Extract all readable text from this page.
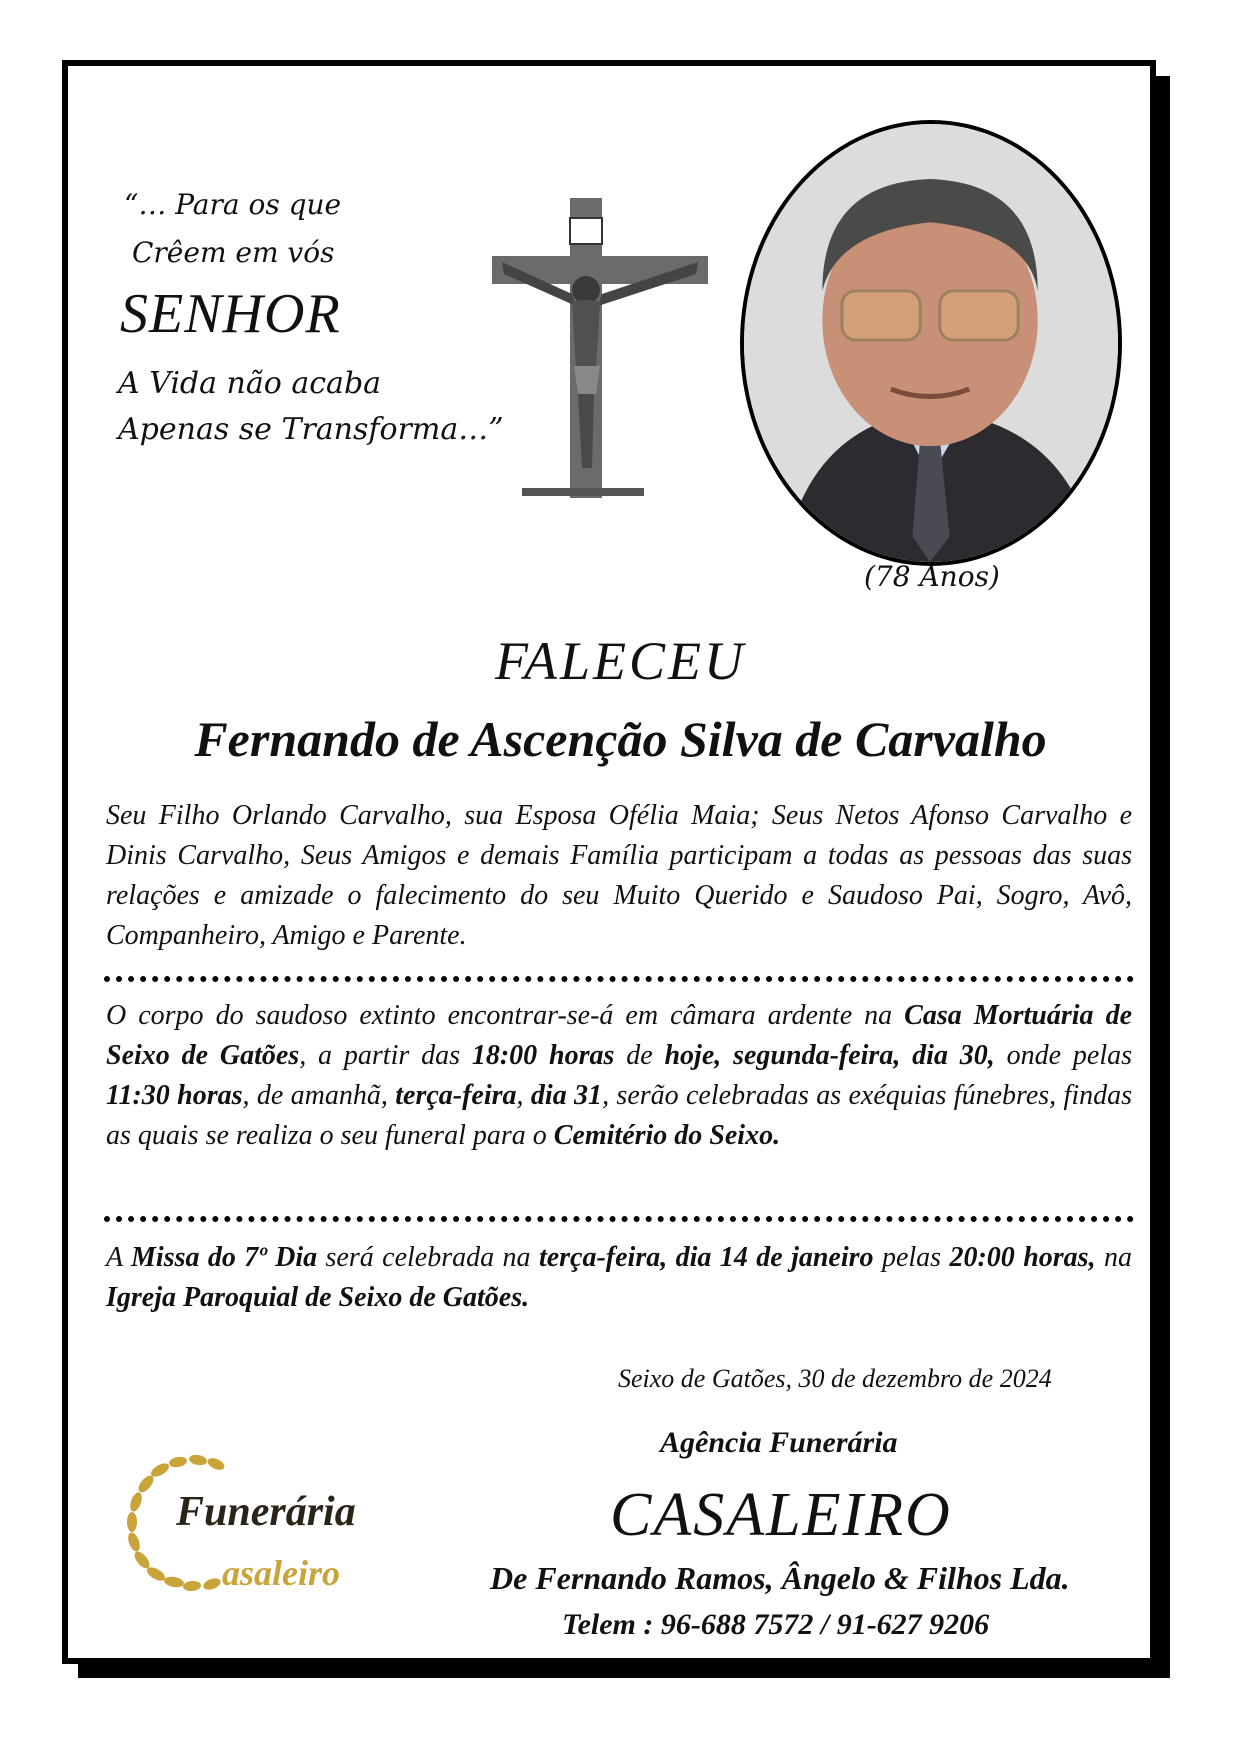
“… Para os que
Crêem em vós
SENHOR
A Vida não acaba
Apenas se Transforma…”
(78 Anos)
FALECEU
Fernando de Ascenção Silva de Carvalho
Seu Filho Orlando Carvalho, sua Esposa Ofélia Maia; Seus Netos Afonso Carvalho e Dinis Carvalho, Seus Amigos e demais Família participam a todas as pessoas das suas relações e amizade o falecimento do seu Muito Querido e Saudoso Pai, Sogro, Avô, Companheiro, Amigo e Parente.
O corpo do saudoso extinto encontrar-se-á em câmara ardente na Casa Mortuária de Seixo de Gatões, a partir das 18:00 horas de hoje, segunda-feira, dia 30, onde pelas 11:30 horas, de amanhã, terça-feira, dia 31, serão celebradas as exéquias fúnebres, findas as quais se realiza o seu funeral para o Cemitério do Seixo.
A Missa do 7º Dia será celebrada na terça-feira, dia 14 de janeiro pelas 20:00 horas, na Igreja Paroquial de Seixo de Gatões.
Seixo de Gatões, 30 de dezembro de 2024
Funerária
asaleiro
Agência Funerária
CASALEIRO
De Fernando Ramos, Ângelo & Filhos Lda.
Telem : 96-688 7572 / 91-627 9206
